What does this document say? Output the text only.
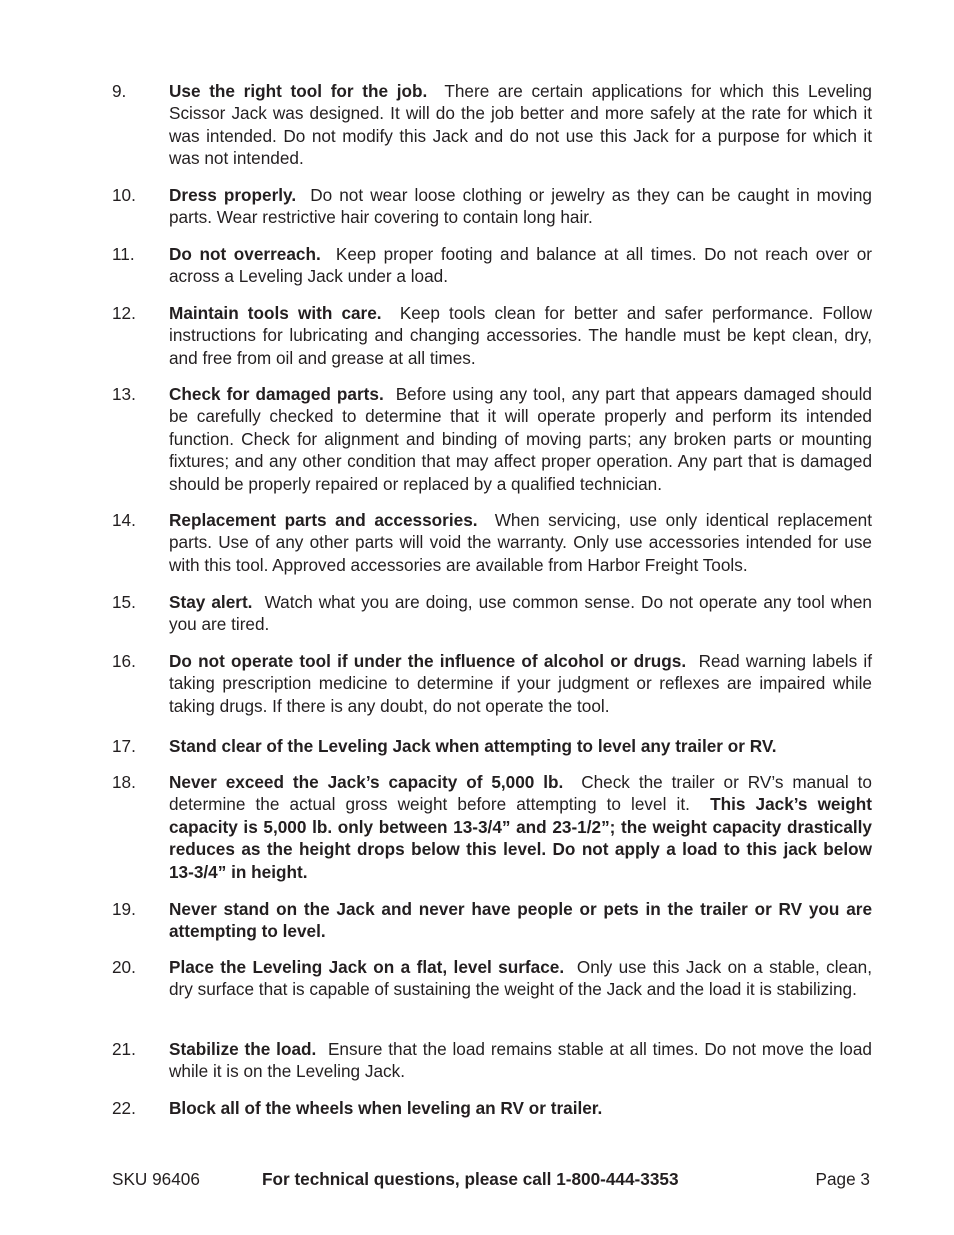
9. Use the right tool for the job. There are certain applications for which this Leveling Scissor Jack was designed. It will do the job better and more safely at the rate for which it was intended. Do not modify this Jack and do not use this Jack for a purpose for which it was not intended.
10. Dress properly. Do not wear loose clothing or jewelry as they can be caught in moving parts. Wear restrictive hair covering to contain long hair.
11. Do not overreach. Keep proper footing and balance at all times. Do not reach over or across a Leveling Jack under a load.
12. Maintain tools with care. Keep tools clean for better and safer performance. Follow instructions for lubricating and changing accessories. The handle must be kept clean, dry, and free from oil and grease at all times.
13. Check for damaged parts. Before using any tool, any part that appears damaged should be carefully checked to determine that it will operate properly and perform its intended function. Check for alignment and binding of moving parts; any broken parts or mounting fixtures; and any other condition that may affect proper operation. Any part that is damaged should be properly repaired or replaced by a qualified technician.
14. Replacement parts and accessories. When servicing, use only identical replacement parts. Use of any other parts will void the warranty. Only use accessories intended for use with this tool. Approved accessories are available from Harbor Freight Tools.
15. Stay alert. Watch what you are doing, use common sense. Do not operate any tool when you are tired.
16. Do not operate tool if under the influence of alcohol or drugs. Read warning labels if taking prescription medicine to determine if your judgment or reflexes are impaired while taking drugs. If there is any doubt, do not operate the tool.
17. Stand clear of the Leveling Jack when attempting to level any trailer or RV.
18. Never exceed the Jack’s capacity of 5,000 lb. Check the trailer or RV’s manual to determine the actual gross weight before attempting to level it. This Jack’s weight capacity is 5,000 lb. only between 13-3/4” and 23-1/2”; the weight capacity drastically reduces as the height drops below this level. Do not apply a load to this jack below 13-3/4” in height.
19. Never stand on the Jack and never have people or pets in the trailer or RV you are attempting to level.
20. Place the Leveling Jack on a flat, level surface. Only use this Jack on a stable, clean, dry surface that is capable of sustaining the weight of the Jack and the load it is stabilizing.
21. Stabilize the load. Ensure that the load remains stable at all times. Do not move the load while it is on the Leveling Jack.
22. Block all of the wheels when leveling an RV or trailer.
SKU 96406	For technical questions, please call 1-800-444-3353	Page 3
